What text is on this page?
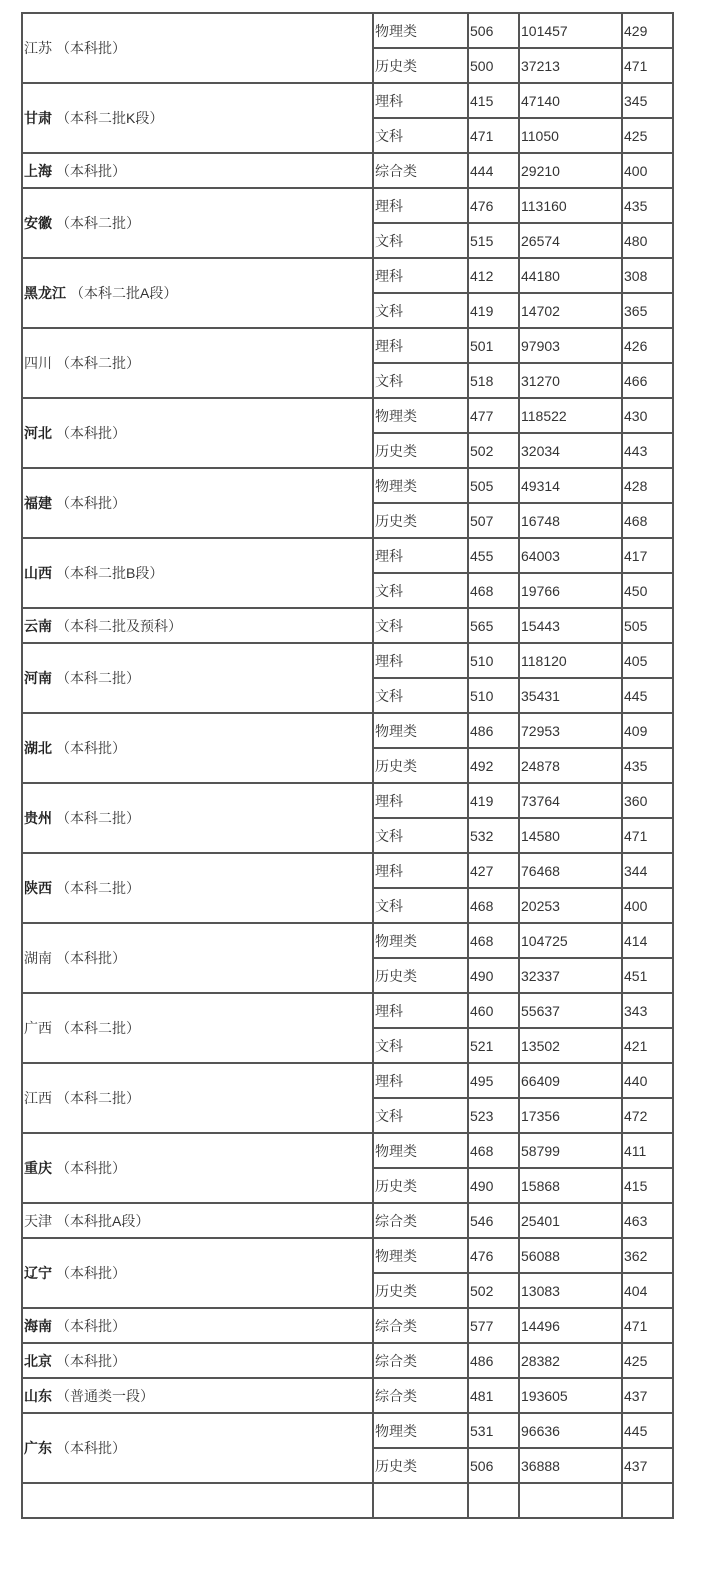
江苏 （本科批）	物理类	506	101457	429
	历史类	500	37213	471
甘肃 （本科二批K段）	理科	415	47140	345
	文科	471	11050	425
上海 （本科批）	综合类	444	29210	400
安徽 （本科二批）	理科	476	113160	435
	文科	515	26574	480
黑龙江 （本科二批A段）	理科	412	44180	308
	文科	419	14702	365
四川 （本科二批）	理科	501	97903	426
	文科	518	31270	466
河北 （本科批）	物理类	477	118522	430
	历史类	502	32034	443
福建 （本科批）	物理类	505	49314	428
	历史类	507	16748	468
山西 （本科二批B段）	理科	455	64003	417
	文科	468	19766	450
云南 （本科二批及预科）	文科	565	15443	505
河南 （本科二批）	理科	510	118120	405
	文科	510	35431	445
湖北 （本科批）	物理类	486	72953	409
	历史类	492	24878	435
贵州 （本科二批）	理科	419	73764	360
	文科	532	14580	471
陕西 （本科二批）	理科	427	76468	344
	文科	468	20253	400
湖南 （本科批）	物理类	468	104725	414
	历史类	490	32337	451
广西 （本科二批）	理科	460	55637	343
	文科	521	13502	421
江西 （本科二批）	理科	495	66409	440
	文科	523	17356	472
重庆 （本科批）	物理类	468	58799	411
	历史类	490	15868	415
天津 （本科批A段）	综合类	546	25401	463
辽宁 （本科批）	物理类	476	56088	362
	历史类	502	13083	404
海南 （本科批）	综合类	577	14496	471
北京 （本科批）	综合类	486	28382	425
山东 （普通类一段）	综合类	481	193605	437
广东 （本科批）	物理类	531	96636	445
	历史类	506	36888	437
